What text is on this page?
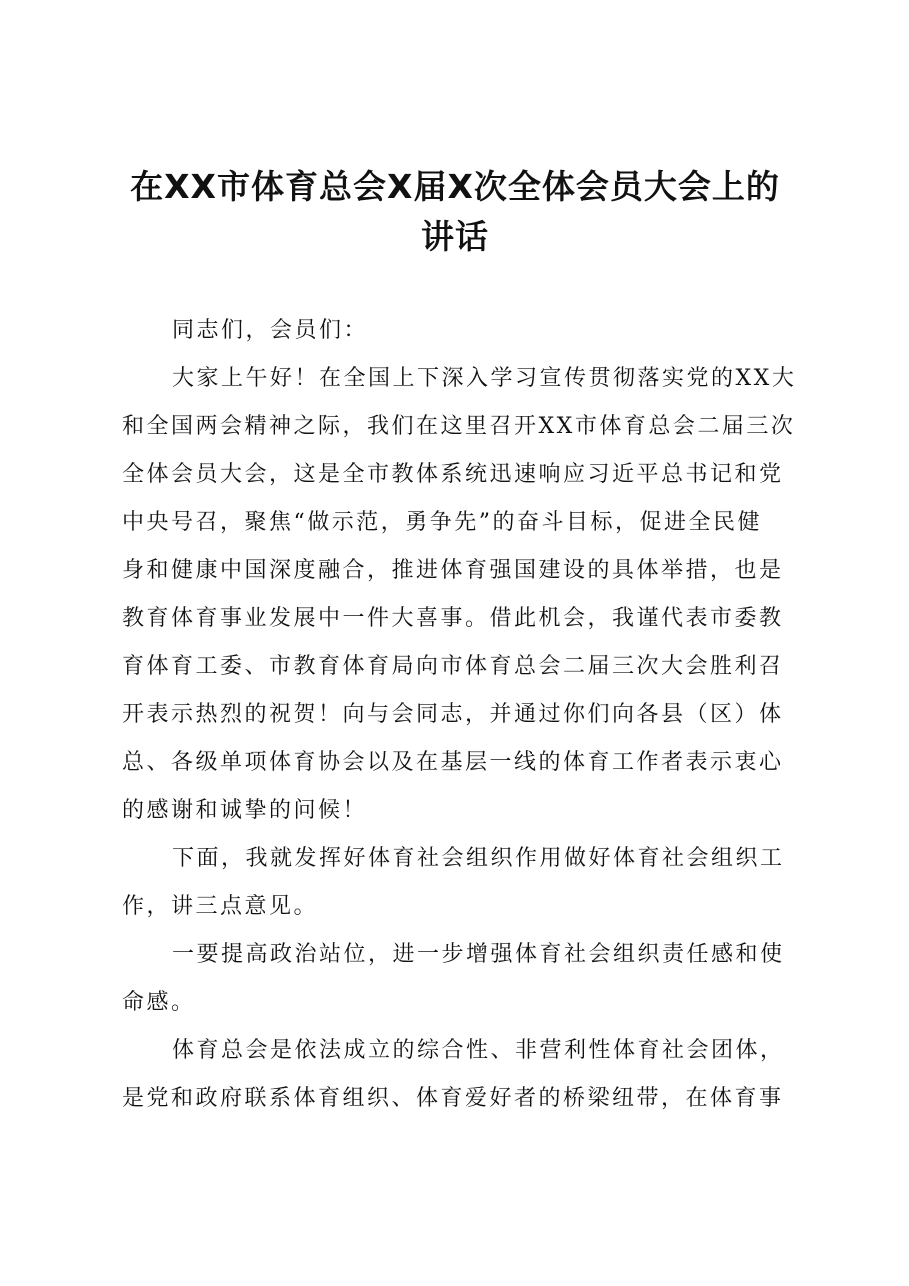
在XX市体育总会X届X次全体会员大会上的
讲话
同志们，会员们：
大家上午好！在全国上下深入学习宣传贯彻落实党的XX大
和全国两会精神之际，我们在这里召开XX市体育总会二届三次
全体会员大会，这是全市教体系统迅速响应习近平总书记和党
中央号召，聚焦“做示范，勇争先”的奋斗目标，促进全民健
身和健康中国深度融合，推进体育强国建设的具体举措，也是
教育体育事业发展中一件大喜事。借此机会，我谨代表市委教
育体育工委、市教育体育局向市体育总会二届三次大会胜利召
开表示热烈的祝贺！向与会同志，并通过你们向各县（区）体
总、各级单项体育协会以及在基层一线的体育工作者表示衷心
的感谢和诚挚的问候！
下面，我就发挥好体育社会组织作用做好体育社会组织工
作，讲三点意见。
一要提高政治站位，进一步增强体育社会组织责任感和使
命感。
体育总会是依法成立的综合性、非营利性体育社会团体，
是党和政府联系体育组织、体育爱好者的桥梁纽带，在体育事
